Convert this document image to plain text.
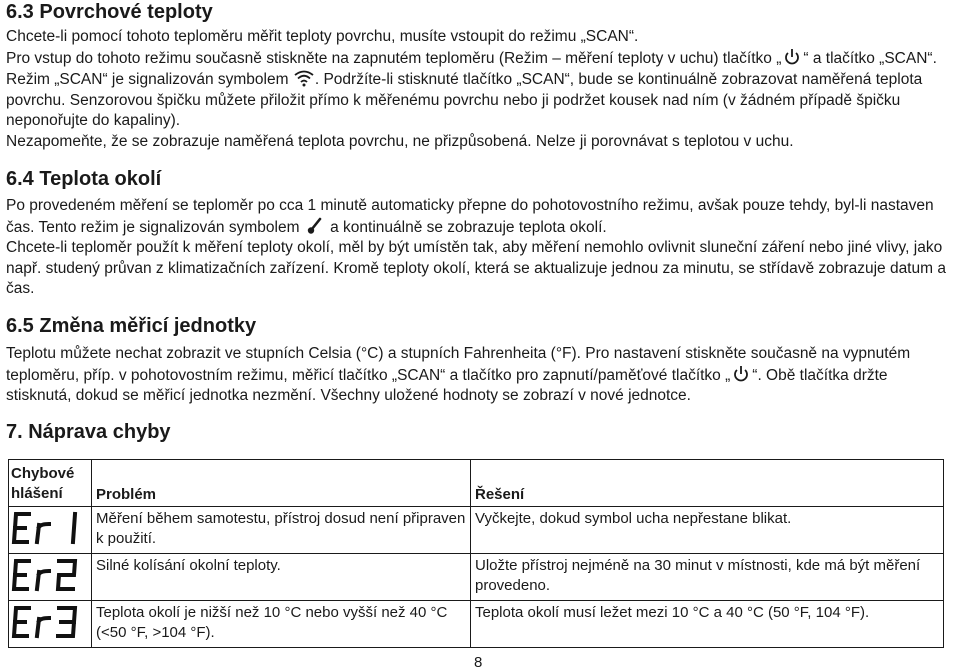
6.3 Povrchové teploty

Chcete-li pomocí tohoto teploměru měřit teploty povrchu, musíte vstoupit do režimu „SCAN“.
Pro vstup do tohoto režimu současně stiskněte na zapnutém teploměru (Režim – měření teploty v uchu) tlačítko „ “ a tlačítko „SCAN“. Režim „SCAN“ je signalizován symbolem . Podržíte-li stisknuté tlačítko „SCAN“, bude se kontinuálně zobrazovat naměřená teplota povrchu. Senzorovou špičku můžete přiložit přímo k měřenému povrchu nebo ji podržet kousek nad ním (v žádném případě špičku neponořujte do kapaliny).
Nezapomeňte, že se zobrazuje naměřená teplota povrchu, ne přizpůsobená. Nelze ji porovnávat s teplotou v uchu.

6.4 Teplota okolí

Po provedeném měření se teploměr po cca 1 minutě automaticky přepne do pohotovostního režimu, avšak pouze tehdy, byl-li nastaven čas. Tento režim je signalizován symbolem  a kontinuálně se zobrazuje teplota okolí.
Chcete-li teploměr použít k měření teploty okolí, měl by být umístěn tak, aby měření nemohlo ovlivnit sluneční záření nebo jiné vlivy, jako např. studený průvan z klimatizačních zařízení. Kromě teploty okolí, která se aktualizuje jednou za minutu, se střídavě zobrazuje datum a čas.

6.5 Změna měřicí jednotky

Teplotu můžete nechat zobrazit ve stupních Celsia (°C) a stupních Fahrenheita (°F). Pro nastavení stiskněte současně na vypnutém teploměru, příp. v pohotovostním režimu, měřicí tlačítko „SCAN“ a tlačítko pro zapnutí/paměťové tlačítko „ “. Obě tlačítka držte stisknutá, dokud se měřicí jednotka nezmění. Všechny uložené hodnoty se zobrazí v nové jednotce.

7. Náprava chyby
Chybové
hlášení	Problém	Řešení
	Měření během samotestu, přístroj dosud není připraven k použití.	Vyčkejte, dokud symbol ucha nepřestane blikat.
	Silné kolísání okolní teploty.	Uložte přístroj nejméně na 30 minut v místnosti, kde má být měření provedeno.
	Teplota okolí je nižší než 10 °C nebo vyšší než 40 °C (<50 °F, >104 °F).	Teplota okolí musí ležet mezi 10 °C a 40 °C (50 °F, 104 °F).
8
